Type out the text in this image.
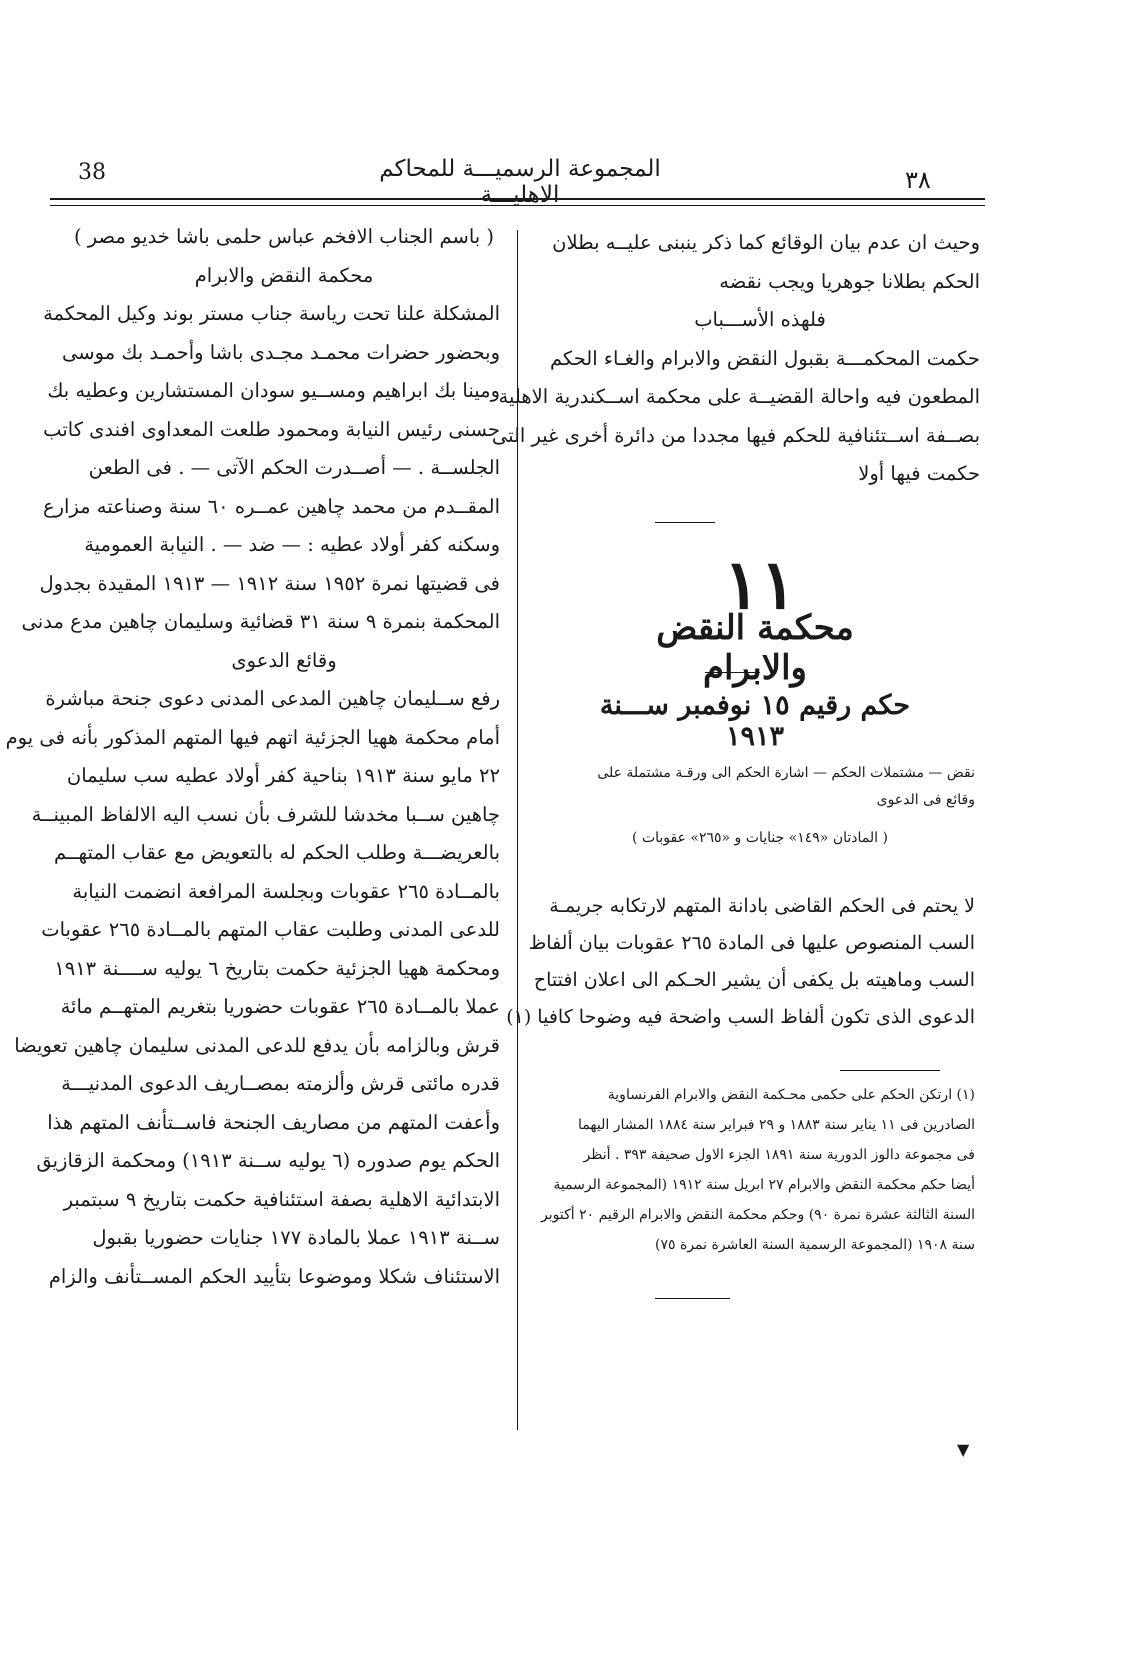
38	المجموعة الرسميـــة للمحاكم الاهليـــة
٣٨
وحيث ان عدم بيان الوقائع كما ذكر ينبنى عليــه بطلان
الحكم بطلانا جوهريا ويجب نقضه
فلهذه الأســـباب
حكمت المحكمـــة بقبول النقض والابرام والغـاء الحكم
المطعون فيه واحالة القضيــة على محكمة اســكندرية الاهلية
بصــفة اســتئنافية للحكم فيها مجددا من دائرة أخرى غير التى
حكمت فيها أولا
١١
محكمة النقض والابرام
حكم رقيم ١٥ نوفمبر ســـنة ١٩١٣
نقض — مشتملات الحكم — اشارة الحكم الى ورقـة مشتملة على
وقائع فى الدعوى
( المادتان «١٤٩» جنايات و «٢٦٥» عقوبات )
لا يحتم فى الحكم القاضى بادانة المتهم لارتكابه جريمـة
السب المنصوص عليها فى المادة ٢٦٥ عقوبات بيان ألفاظ
السب وماهيته بل يكفى أن يشير الحـكم الى اعلان افتتاح
الدعوى الذى تكون ألفاظ السب واضحة فيه وضوحا كافيا (١)
(١) ارتكن الحكم على حكمى محـكمة النقض والابرام الفرنساوية
الصادرين فى ١١ يناير سنة ١٨٨٣ و ٢٩ فبراير سنة ١٨٨٤ المشار اليهما
فى مجموعة دالوز الدورية سنة ١٨٩١ الجزء الاول صحيفة ٣٩٣ . أنظر
أيضا حكم محكمة النقض والابرام ٢٧ ابريل سنة ١٩١٢ (المجموعة الرسمية
السنة الثالثة عشرة نمرة ٩٠) وحكم محكمة النقض والابرام الرقيم ٢٠ أكتوبر
سنة ١٩٠٨ (المجموعة الرسمية السنة العاشرة نمرة ٧٥)
( باسم الجناب الافخم عباس حلمى باشا خديو مصر )
محكمة النقض والابرام
المشكلة علنا تحت رياسة جناب مستر بوند وكيل المحكمة
وبحضور حضرات محمـد مجـدى باشا وأحمـد بك موسى
ومينا بك ابراهيم ومســيو سودان المستشارين وعطيه بك
حسنى رئيس النيابة ومحمود طلعت المعداوى افندى كاتب
الجلســة . — أصــدرت الحكم الآتى — . فى الطعن
المقــدم من محمد چاهين عمــره ٦٠ سنة وصناعته مزارع
وسكنه كفر أولاد عطيه : — ضد — . النيابة العمومية
فى قضيتها نمرة ١٩٥٢ سنة ١٩١٢ — ١٩١٣ المقيدة بجدول
المحكمة بنمرة ٩ سنة ٣١ قضائية وسليمان چاهين مدع مدنى
وقائع الدعوى
رفع ســليمان چاهين المدعى المدنى دعوى جنحة مباشرة
أمام محكمة ههيا الجزئية اتهم فيها المتهم المذكور بأنه فى يوم
٢٢ مايو سنة ١٩١٣ بناحية كفر أولاد عطيه سب سليمان
چاهين ســبا مخدشا للشرف بأن نسب اليه الالفاظ المبينــة
بالعريضـــة وطلب الحكم له بالتعويض مع عقاب المتهــم
بالمــادة ٢٦٥ عقوبات وبجلسة المرافعة انضمت النيابة
للدعى المدنى وطلبت عقاب المتهم بالمــادة ٢٦٥ عقوبات
ومحكمة ههيا الجزئية حكمت بتاريخ ٦ يوليه ســــنة ١٩١٣
عملا بالمــادة ٢٦٥ عقوبات حضوريا بتغريم المتهــم مائة
قرش وبالزامه بأن يدفع للدعى المدنى سليمان چاهين تعويضا
قدره مائتى قرش وألزمته بمصــاريف الدعوى المدنيـــة
وأعفت المتهم من مصاريف الجنحة فاســتأنف المتهم هذا
الحكم يوم صدوره (٦ يوليه ســنة ١٩١٣) ومحكمة الزقازيق
الابتدائية الاهلية بصفة استئنافية حكمت بتاريخ ٩ سبتمبر
ســنة ١٩١٣ عملا بالمادة ١٧٧ جنايات حضوريا بقبول
الاستئناف شكلا وموضوعا بتأييد الحكم المســتأنف والزام
▼
